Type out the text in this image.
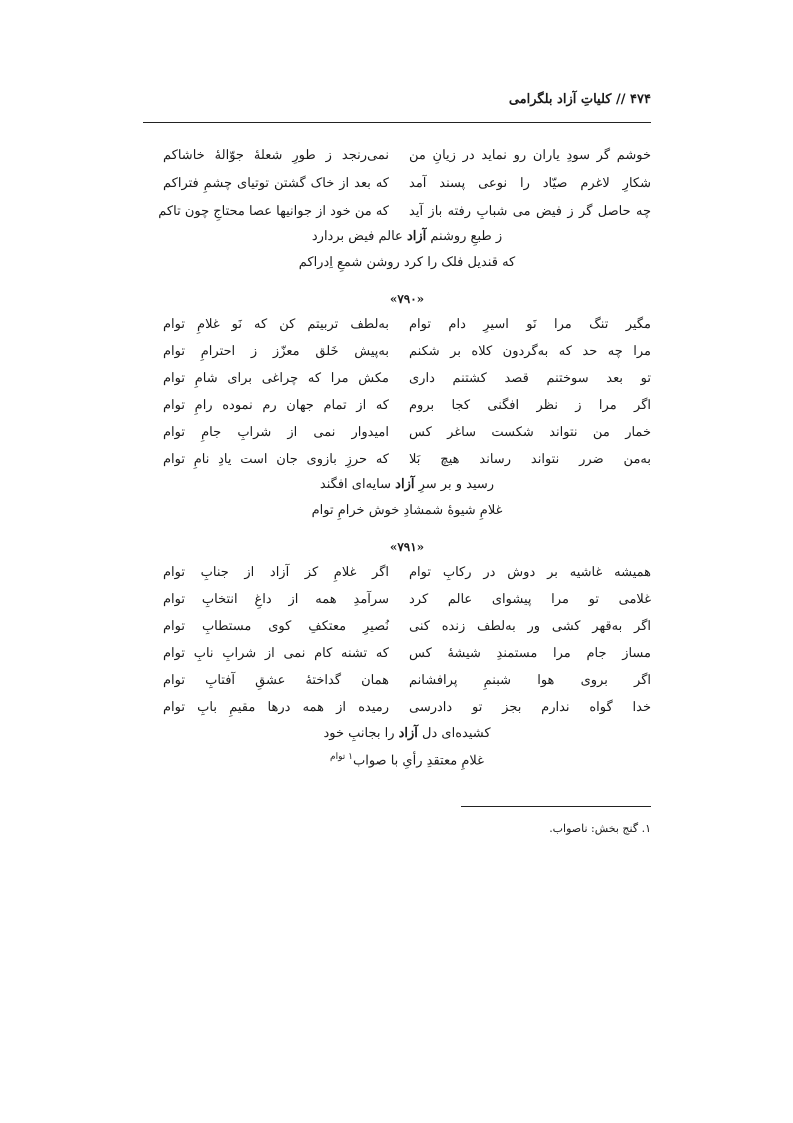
۴۷۴ // کلیاتِ آزاد بلگرامی
خوشم گر سودِ یاران رو نماید در زیانِ من
نمی‌رنجد ز طورِ شعلهٔ جوّالهٔ خاشاکم
شکارِ لاغرم صیّاد را نوعی پسند آمد
که بعد از خاک گشتن توتیای چشمِ فتراکم
چه حاصل گر ز فیض می شبابِ رفته باز آید
که من خود از جوانیها عصا محتاجِ چون تاکم
ز طبعِ روشنم آزاد عالم فیض بردارد
که قندیل فلک را کرد روشن شمعِ اِدراکم
«۷۹۰»
مگیر تنگ مرا نَو اسیرِ دام توام
به‌لطف تربیتم کن که نَو غلامِ توام
مرا چه حد که به‌گردون کلاه بر شکنم
به‌پیش خَلق معزّز ز احترامِ توام
تو بعد سوختنم قصد کشتنم داری
مکش مرا که چراغی برای شامِ توام
اگر مرا ز نظر افگنی کجا بروم
که از تمام جهان رم نموده رامِ توام
خمار من نتواند شکست ساغر کس
امیدوار نمی از شرابِ جامِ توام
به‌من ضرر نتواند رساند هیچ بَلا
که حرزِ بازوی جان است یادِ نامِ توام
رسید و بر سرِ آزاد سایه‌ای افگند
غلامِ شیوهٔ شمشادِ خوش خرامِ توام
«۷۹۱»
همیشه غاشیه بر دوش در رکابِ توام
اگر غلامِ کز آزاد از جنابِ توام
غلامی تو مرا پیشوای عالم کرد
سرآمدِ همه از داغِ انتخابِ توام
اگر به‌قهر کشی ور به‌لطف زنده کنی
نُصیرِ معتکفِ کوی مستطابِ توام
مساز جام مرا مستمندِ شیشهٔ کس
که تشنه کام نمی از شرابِ نابِ توام
اگر بروی هوا شبنمِ پرافشانم
همان گداختهٔ عشقِ آفتابِ توام
خدا گواه ندارم بجز تو دادرسی
رمیده از همه درها مقیمِ بابِ توام
کشیده‌ای دل آزاد را بجانبِ خود
غلامِ معتقدِ رأیِ با صواب$^{١ توام}$
١. گنج بخش: ناصواب.
